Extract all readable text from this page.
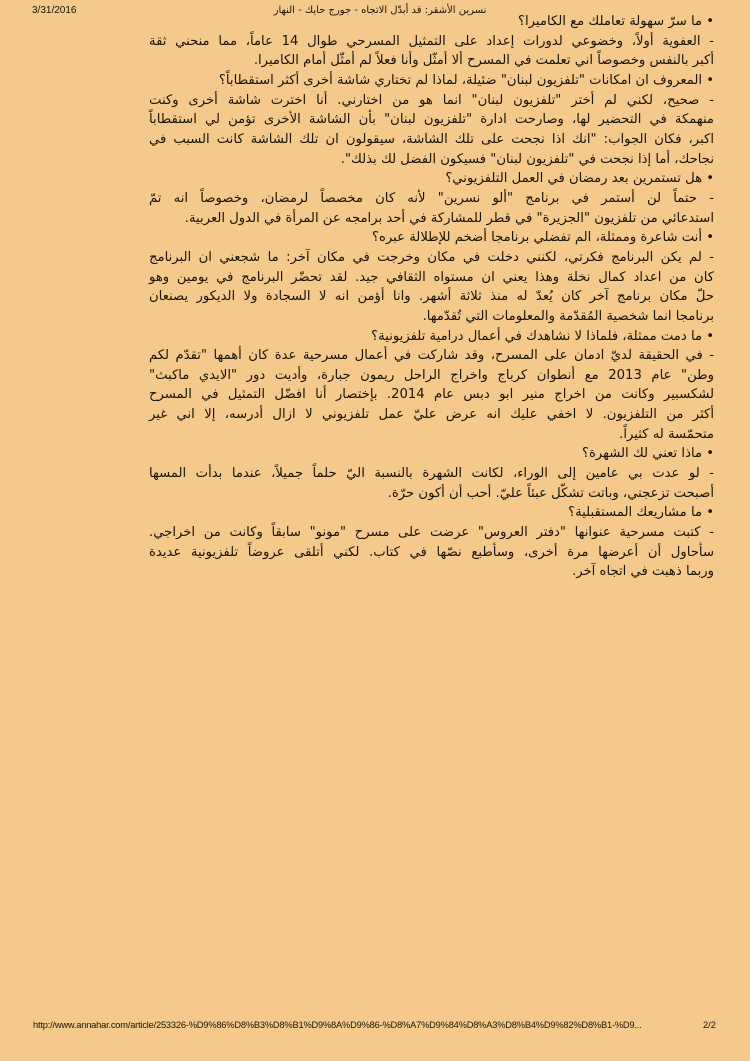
3/31/2016	نسرين الأشقر: قد أبدّل الاتجاه - جورج حايك - النهار
• ما سرّ سهولة تعاملك مع الكاميرا؟
- العفوية أولاً، وخضوعي لدورات إعداد على التمثيل المسرحي طوال 14 عاماً، مما منحني ثقة
أكبر بالنفس وخصوصاً اني تعلمت في المسرح ألا أمثّل وأنا فعلاً لم أمثّل أمام الكاميرا.
• المعروف ان امكانات "تلفزيون لبنان" ضئيلة، لماذا لم تختاري شاشة أخرى أكثر استقطاباً؟
- صحيح، لكني لم أختر "تلفزيون لبنان" انما هو من اختارني. أنا اخترت شاشة أخرى وكنت
منهمكة في التحضير لها، وصارحت ادارة "تلفزيون لبنان" بأن الشاشة الأخرى تؤمن لي استقطاباً
اكبر، فكان الجواب: "انك اذا نجحت على تلك الشاشة، سيقولون ان تلك الشاشة كانت السبب في
نجاحك، أما إذا نجحت في "تلفزيون لبنان" فسيكون الفضل لك بذلك".
• هل تستمرين بعد رمضان في العمل التلفزيوني؟
- حتماً لن أستمر في برنامج "ألو نسرين" لأنه كان مخصصاً لرمضان، وخصوصاً انه تمّ
استدعائي من تلفزيون "الجزيرة" في قطر للمشاركة في أحد برامجه عن المرأة في الدول العربية.
• أنت شاعرة وممثلة، الم تفضلي برنامجا أضخم للإطلالة عبره؟
- لم يكن البرنامج فكرتي، لكنني دخلت في مكان وخرجت في مكان آخر: ما شجعني ان البرنامج
كان من اعداد كمال نخلة وهذا يعني ان مستواه الثقافي جيد. لقد تحضّر البرنامج في يومين وهو
حلّ مكان برنامج آخر كان يُعدّ له منذ ثلاثة أشهر. وانا أؤمن انه لا السجادة ولا الديكور يصنعان
برنامجا انما شخصية المُقدّمة والمعلومات التي تُقدّمها.
• ما دمت ممثلة، فلماذا لا نشاهدك في أعمال درامية تلفزيونية؟
- في الحقيقة لديّ ادمان على المسرح، وقد شاركت في أعمال مسرحية عدة كان أهمها "تقدّم لكم
وطن" عام 2013 مع أنطوان كرباج واخراج الراحل ريمون جبارة، وأديت دور "الايدي ماكبث"
لشكسبير وكانت من اخراج منير ابو دبس عام 2014. بإختصار أنا افضّل التمثيل في المسرح
أكثر من التلفزيون. لا اخفي عليك انه عرض عليّ عمل تلفزيوني لا ازال أدرسه، إلا اني غير
متحمّسة له كثيراً.
• ماذا تعني لك الشهرة؟
- لو عدت بي عامين إلى الوراء، لكانت الشهرة بالنسبة اليّ حلماً جميلاً، عندما بدأت المسها
أصبحت تزعجني، وباتت تشكّل عبئاً عليّ. أحب أن أكون حرّة.
• ما مشاريعك المستقبلية؟
- كتبت مسرحية عنوانها "دفتر العروس" عرضت على مسرح "مونو" سابقاً وكانت من اخراجي.
سأحاول أن أعرضها مرة أخرى، وسأطبع نصّها في كتاب. لكني أتلقى عروضاً تلفزيونية عديدة
وربما ذهبت في اتجاه آخر.
http://www.annahar.com/article/253326-%D9%86%D8%B3%D8%B1%D9%8A%D9%86-%D8%A7%D9%84%D8%A3%D8%B4%D9%82%D8%B1-%D9...	2/2
